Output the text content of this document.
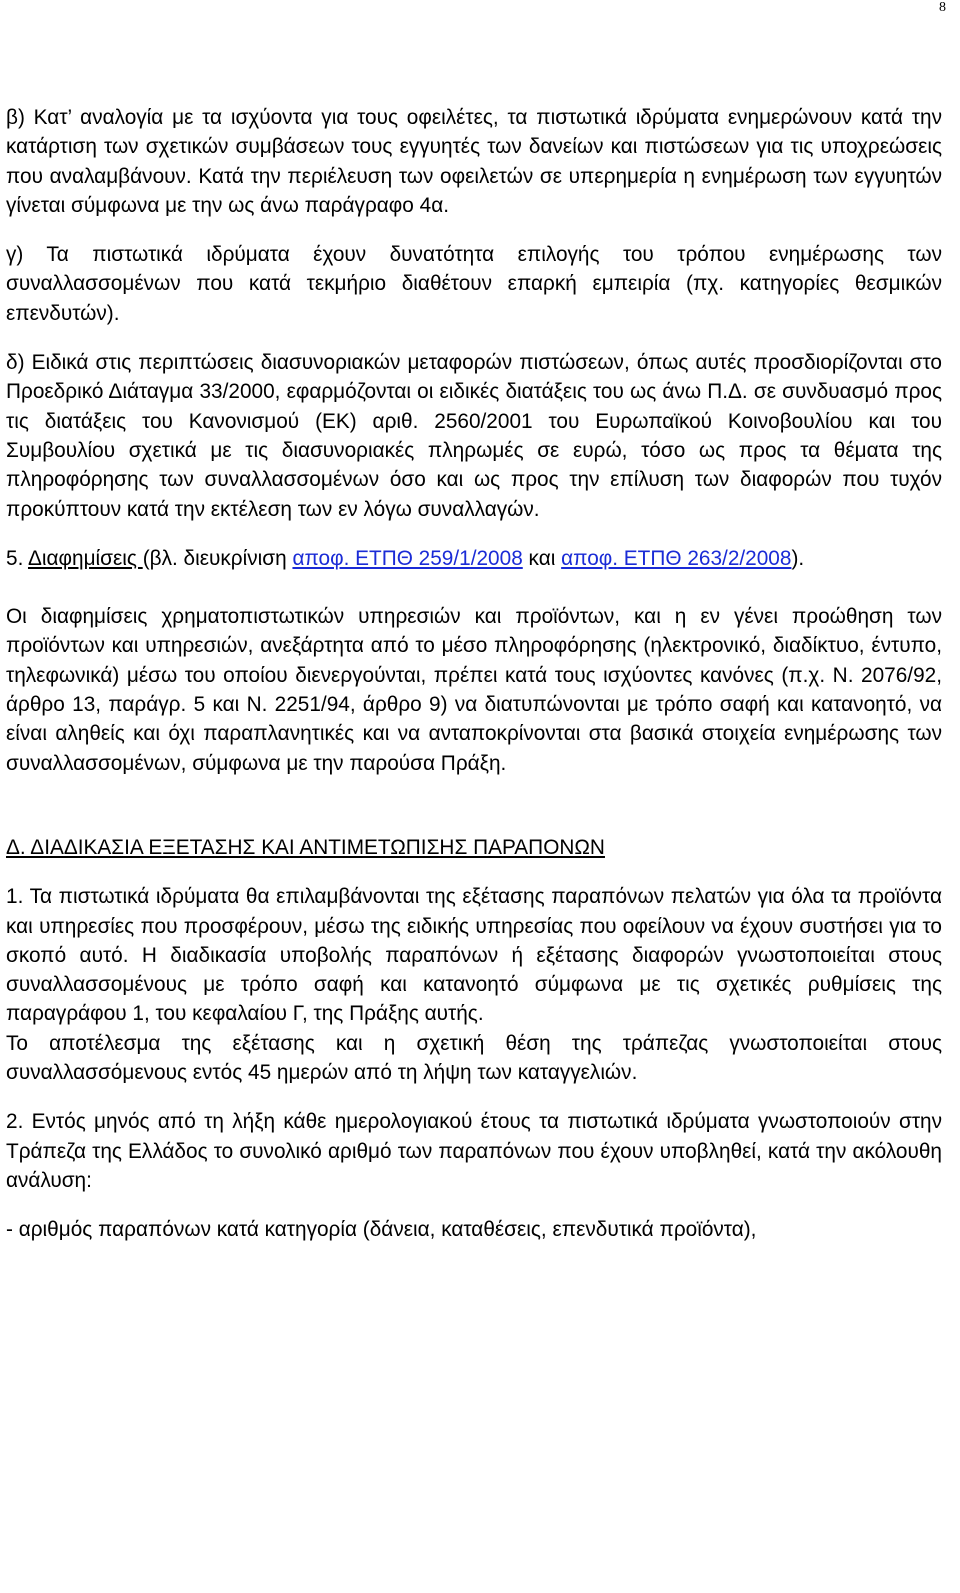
8

β) Κατ’ αναλογία με τα ισχύοντα για τους οφειλέτες, τα πιστωτικά ιδρύματα ενημερώνουν κατά την κατάρτιση των σχετικών συμβάσεων τους εγγυητές των δανείων και πιστώσεων για τις υποχρεώσεις που αναλαμβάνουν. Κατά την περιέλευση των οφειλετών σε υπερημερία η ενημέρωση των εγγυητών γίνεται σύμφωνα με την ως άνω παράγραφο 4α.

γ) Τα πιστωτικά ιδρύματα έχουν δυνατότητα επιλογής του τρόπου ενημέρωσης των συναλλασσομένων που κατά τεκμήριο διαθέτουν επαρκή εμπειρία (πχ. κατηγορίες θεσμικών επενδυτών).

δ) Ειδικά στις περιπτώσεις διασυνοριακών μεταφορών πιστώσεων, όπως αυτές προσδιορίζονται στο Προεδρικό Διάταγμα 33/2000, εφαρμόζονται οι ειδικές διατάξεις του ως άνω Π.Δ. σε συνδυασμό προς τις διατάξεις του Κανονισμού (ΕΚ) αριθ. 2560/2001 του Ευρωπαϊκού Κοινοβουλίου και του Συμβουλίου σχετικά με τις διασυνοριακές πληρωμές σε ευρώ, τόσο ως προς τα θέματα της πληροφόρησης των συναλλασσομένων όσο και ως προς την επίλυση των διαφορών που τυχόν προκύπτουν κατά την εκτέλεση των εν λόγω συναλλαγών.

5. Διαφημίσεις (βλ. διευκρίνιση αποφ. ΕΤΠΘ 259/1/2008 και αποφ. ΕΤΠΘ 263/2/2008).

Οι διαφημίσεις χρηματοπιστωτικών υπηρεσιών και προϊόντων, και η εν γένει προώθηση των προϊόντων και υπηρεσιών, ανεξάρτητα από το μέσο πληροφόρησης (ηλεκτρονικό, διαδίκτυο, έντυπο, τηλεφωνικά) μέσω του οποίου διενεργούνται, πρέπει κατά τους ισχύοντες κανόνες (π.χ. Ν. 2076/92, άρθρο 13, παράγρ. 5 και Ν. 2251/94, άρθρο 9) να διατυπώνονται με τρόπο σαφή και κατανοητό, να είναι αληθείς και όχι παραπλανητικές και να ανταποκρίνονται στα βασικά στοιχεία ενημέρωσης των συναλλασσομένων, σύμφωνα με την παρούσα Πράξη.

Δ. ΔΙΑΔΙΚΑΣΙΑ ΕΞΕΤΑΣΗΣ ΚΑΙ ΑΝΤΙΜΕΤΩΠΙΣΗΣ ΠΑΡΑΠΟΝΩΝ

1. Τα πιστωτικά ιδρύματα θα επιλαμβάνονται της εξέτασης παραπόνων πελατών για όλα τα προϊόντα και υπηρεσίες που προσφέρουν, μέσω της ειδικής υπηρεσίας που οφείλουν να έχουν συστήσει για το σκοπό αυτό. Η διαδικασία υποβολής παραπόνων ή εξέτασης διαφορών γνωστοποιείται στους συναλλασσομένους με τρόπο σαφή και κατανοητό σύμφωνα με τις σχετικές ρυθμίσεις της παραγράφου 1, του κεφαλαίου Γ, της Πράξης αυτής.

Το αποτέλεσμα της εξέτασης και η σχετική θέση της τράπεζας γνωστοποιείται στους συναλλασσόμενους εντός 45 ημερών από τη λήψη των καταγγελιών.

2. Εντός μηνός από τη λήξη κάθε ημερολογιακού έτους τα πιστωτικά ιδρύματα γνωστοποιούν στην Τράπεζα της Ελλάδος το συνολικό αριθμό των παραπόνων που έχουν υποβληθεί, κατά την ακόλουθη ανάλυση:

- αριθμός παραπόνων κατά κατηγορία (δάνεια, καταθέσεις, επενδυτικά προϊόντα),
